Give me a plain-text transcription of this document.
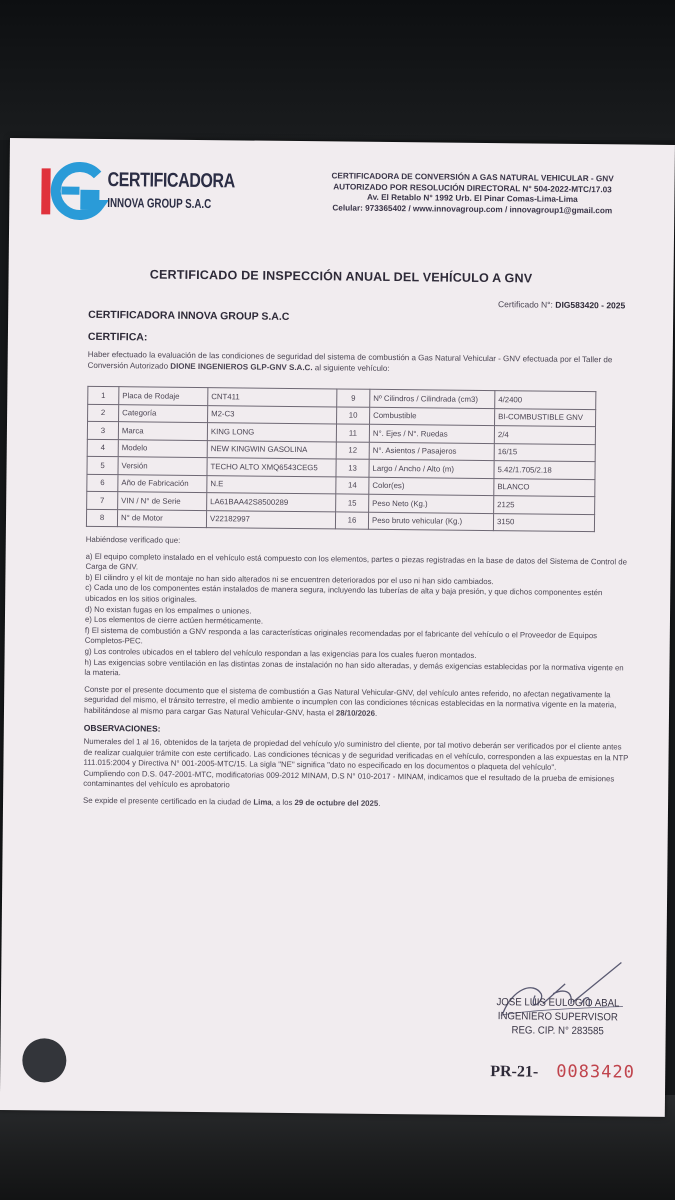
CERTIFICADORA
INNOVA GROUP S.A.C
CERTIFICADORA DE CONVERSIÓN A GAS NATURAL VEHICULAR - GNV
AUTORIZADO POR RESOLUCIÓN DIRECTORAL N° 504-2022-MTC/17.03
Av. El Retablo N° 1992 Urb. El Pinar Comas-Lima-Lima
Celular: 973365402 / www.innovagroup.com / innovagroup1@gmail.com
CERTIFICADO DE INSPECCIÓN ANUAL DEL VEHÍCULO A GNV
Certificado N°: DIG583420 - 2025
CERTIFICADORA INNOVA GROUP S.A.C
CERTIFICA:
Haber efectuado la evaluación de las condiciones de seguridad del sistema de combustión a Gas Natural Vehicular - GNV efectuada por el Taller de Conversión Autorizado DIONE INGENIEROS GLP-GNV S.A.C. al siguiente vehículo:
1	Placa de Rodaje	CNT411	9	Nº Cilindros / Cilindrada (cm3)	4/2400
2	Categoría	M2-C3	10	Combustible	BI-COMBUSTIBLE GNV
3	Marca	KING LONG	11	N°. Ejes / N°. Ruedas	2/4
4	Modelo	NEW KINGWIN GASOLINA	12	N°. Asientos / Pasajeros	16/15
5	Versión	TECHO ALTO XMQ6543CEG5	13	Largo / Ancho / Alto (m)	5.42/1.705/2.18
6	Año de Fabricación	N.E	14	Color(es)	BLANCO
7	VIN / N° de Serie	LA61BAA42S8500289	15	Peso Neto (Kg.)	2125
8	N° de Motor	V22182997	16	Peso bruto vehicular (Kg.)	3150

Habiéndose verificado que:

a) El equipo completo instalado en el vehículo está compuesto con los elementos, partes o piezas registradas en la base de datos del Sistema de Control de Carga de GNV.

b) El cilindro y el kit de montaje no han sido alterados ni se encuentren deteriorados por el uso ni han sido cambiados.

c) Cada uno de los componentes están instalados de manera segura, incluyendo las tuberías de alta y baja presión, y que dichos componentes estén ubicados en los sitios originales.

d) No existan fugas en los empalmes o uniones.

e) Los elementos de cierre actúen herméticamente.

f) El sistema de combustión a GNV responda a las características originales recomendadas por el fabricante del vehículo o el Proveedor de Equipos Completos-PEC.

g) Los controles ubicados en el tablero del vehículo respondan a las exigencias para los cuales fueron montados.

h) Las exigencias sobre ventilación en las distintas zonas de instalación no han sido alteradas, y demás exigencias establecidas por la normativa vigente en la materia.

Conste por el presente documento que el sistema de combustión a Gas Natural Vehicular-GNV, del vehículo antes referido, no afectan negativamente la seguridad del mismo, el tránsito terrestre, el medio ambiente o incumplen con las condiciones técnicas establecidas en la normativa vigente en la materia, habilitándose al mismo para cargar Gas Natural Vehicular-GNV, hasta el 28/10/2026.

OBSERVACIONES:

Numerales del 1 al 16, obtenidos de la tarjeta de propiedad del vehículo y/o suministro del cliente, por tal motivo deberán ser verificados por el cliente antes de realizar cualquier trámite con este certificado. Las condiciones técnicas y de seguridad verificadas en el vehículo, corresponden a las expuestas en la NTP 111.015:2004 y Directiva N° 001-2005-MTC/15. La sigla "NE" significa "dato no especificado en los documentos o plaqueta del vehículo".

Cumpliendo con D.S. 047-2001-MTC, modificatorias 009-2012 MINAM, D.S N° 010-2017 - MINAM, indicamos que el resultado de la prueba de emisiones contaminantes del vehículo es aprobatorio

Se expide el presente certificado en la ciudad de Lima, a los 29 de octubre del 2025.

JOSE LUIS EULOGIO ABAL
INGENIERO SUPERVISOR
REG. CIP. N° 283585
PR-21- 0083420
